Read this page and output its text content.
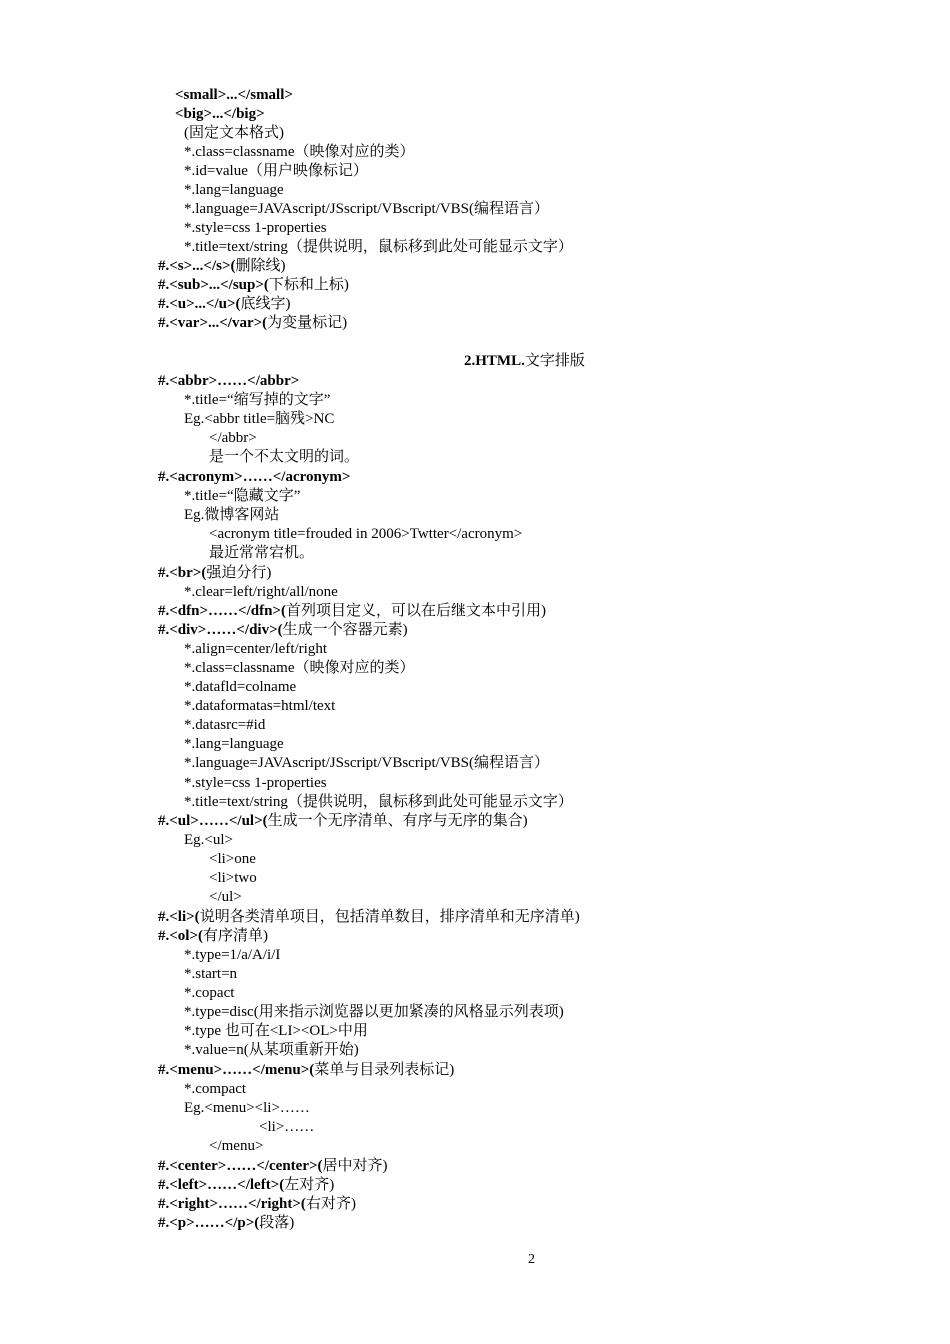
<small>...</small>
<big>...</big>
(固定文本格式)
*.class=classname（映像对应的类）
*.id=value（用户映像标记）
*.lang=language
*.language=JAVAscript/JSscript/VBscript/VBS(编程语言）
*.style=css 1-properties
*.title=text/string（提供说明，鼠标移到此处可能显示文字）
#.<s>...</s>(删除线)
#.<sub>...</sup>(下标和上标)
#.<u>...</u>(底线字)
#.<var>...</var>(为变量标记)
2.HTML.文字排版
#.<abbr>……</abbr>
*.title=“缩写掉的文字”
Eg.<abbr title=脑残>NC
</abbr>
是一个不太文明的词。
#.<acronym>……</acronym>
*.title=“隐藏文字”
Eg.微博客网站
<acronym title=frouded in 2006>Twtter</acronym>
最近常常宕机。
#.<br>(强迫分行)
*.clear=left/right/all/none
#.<dfn>……</dfn>(首列项目定义，可以在后继文本中引用)
#.<div>……</div>(生成一个容器元素)
*.align=center/left/right
*.class=classname（映像对应的类）
*.datafld=colname
*.dataformatas=html/text
*.datasrc=#id
*.lang=language
*.language=JAVAscript/JSscript/VBscript/VBS(编程语言）
*.style=css 1-properties
*.title=text/string（提供说明，鼠标移到此处可能显示文字）
#.<ul>……</ul>(生成一个无序清单、有序与无序的集合)
Eg.<ul>
<li>one
<li>two
</ul>
#.<li>(说明各类清单项目，包括清单数目，排序清单和无序清单)
#.<ol>(有序清单)
*.type=1/a/A/i/I
*.start=n
*.copact
*.type=disc(用来指示浏览器以更加紧凑的风格显示列表项)
*.type 也可在<LI><OL>中用
*.value=n(从某项重新开始)
#.<menu>……</menu>(菜单与目录列表标记)
*.compact
Eg.<menu><li>……
<li>……
</menu>
#.<center>……</center>(居中对齐)
#.<left>……</left>(左对齐)
#.<right>……</right>(右对齐)
#.<p>……</p>(段落)
2
